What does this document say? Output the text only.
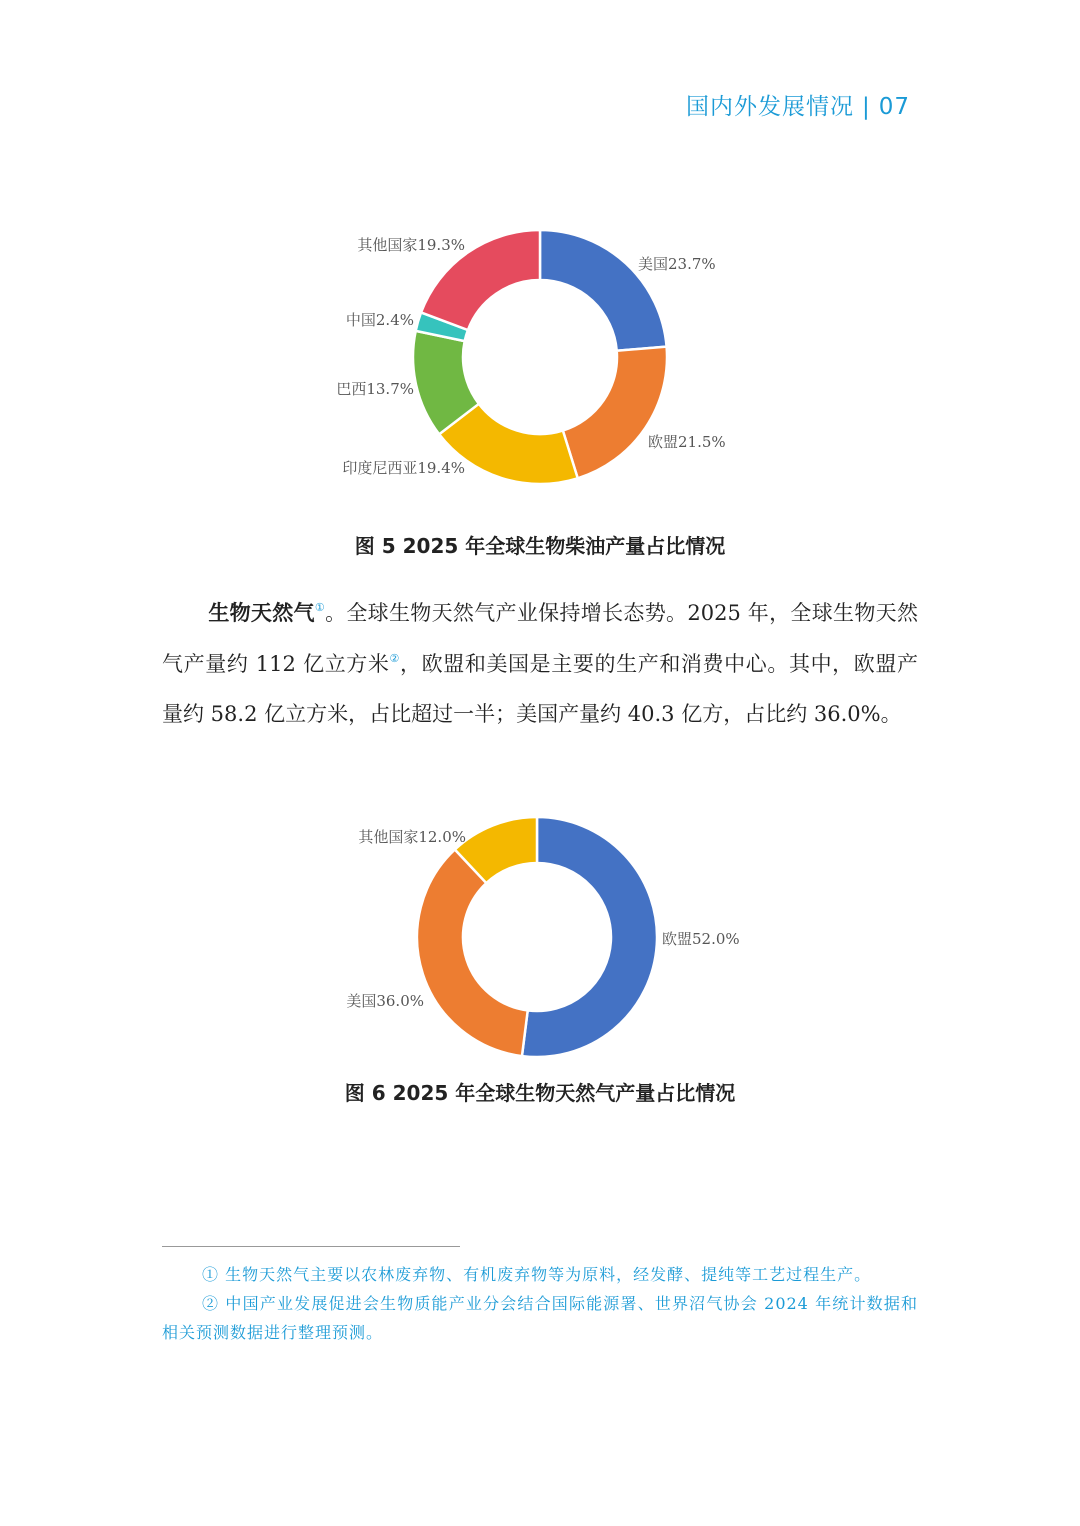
国内外发展情况 | 07
美国23.7%
欧盟21.5%
印度尼西亚19.4%
巴西13.7%
中国2.4%
其他国家19.3%
图 5 2025 年全球生物柴油产量占比情况
生物天然气①。全球生物天然气产业保持增长态势。2025 年，全球生物天然气产量约 112 亿立方米②，欧盟和美国是主要的生产和消费中心。其中，欧盟产量约 58.2 亿立方米，占比超过一半；美国产量约 40.3 亿方，占比约 36.0%。
欧盟52.0%
美国36.0%
其他国家12.0%
图 6 2025 年全球生物天然气产量占比情况

① 生物天然气主要以农林废弃物、有机废弃物等为原料，经发酵、提纯等工艺过程生产。

② 中国产业发展促进会生物质能产业分会结合国际能源署、世界沼气协会 2024 年统计数据和相关预测数据进行整理预测。
